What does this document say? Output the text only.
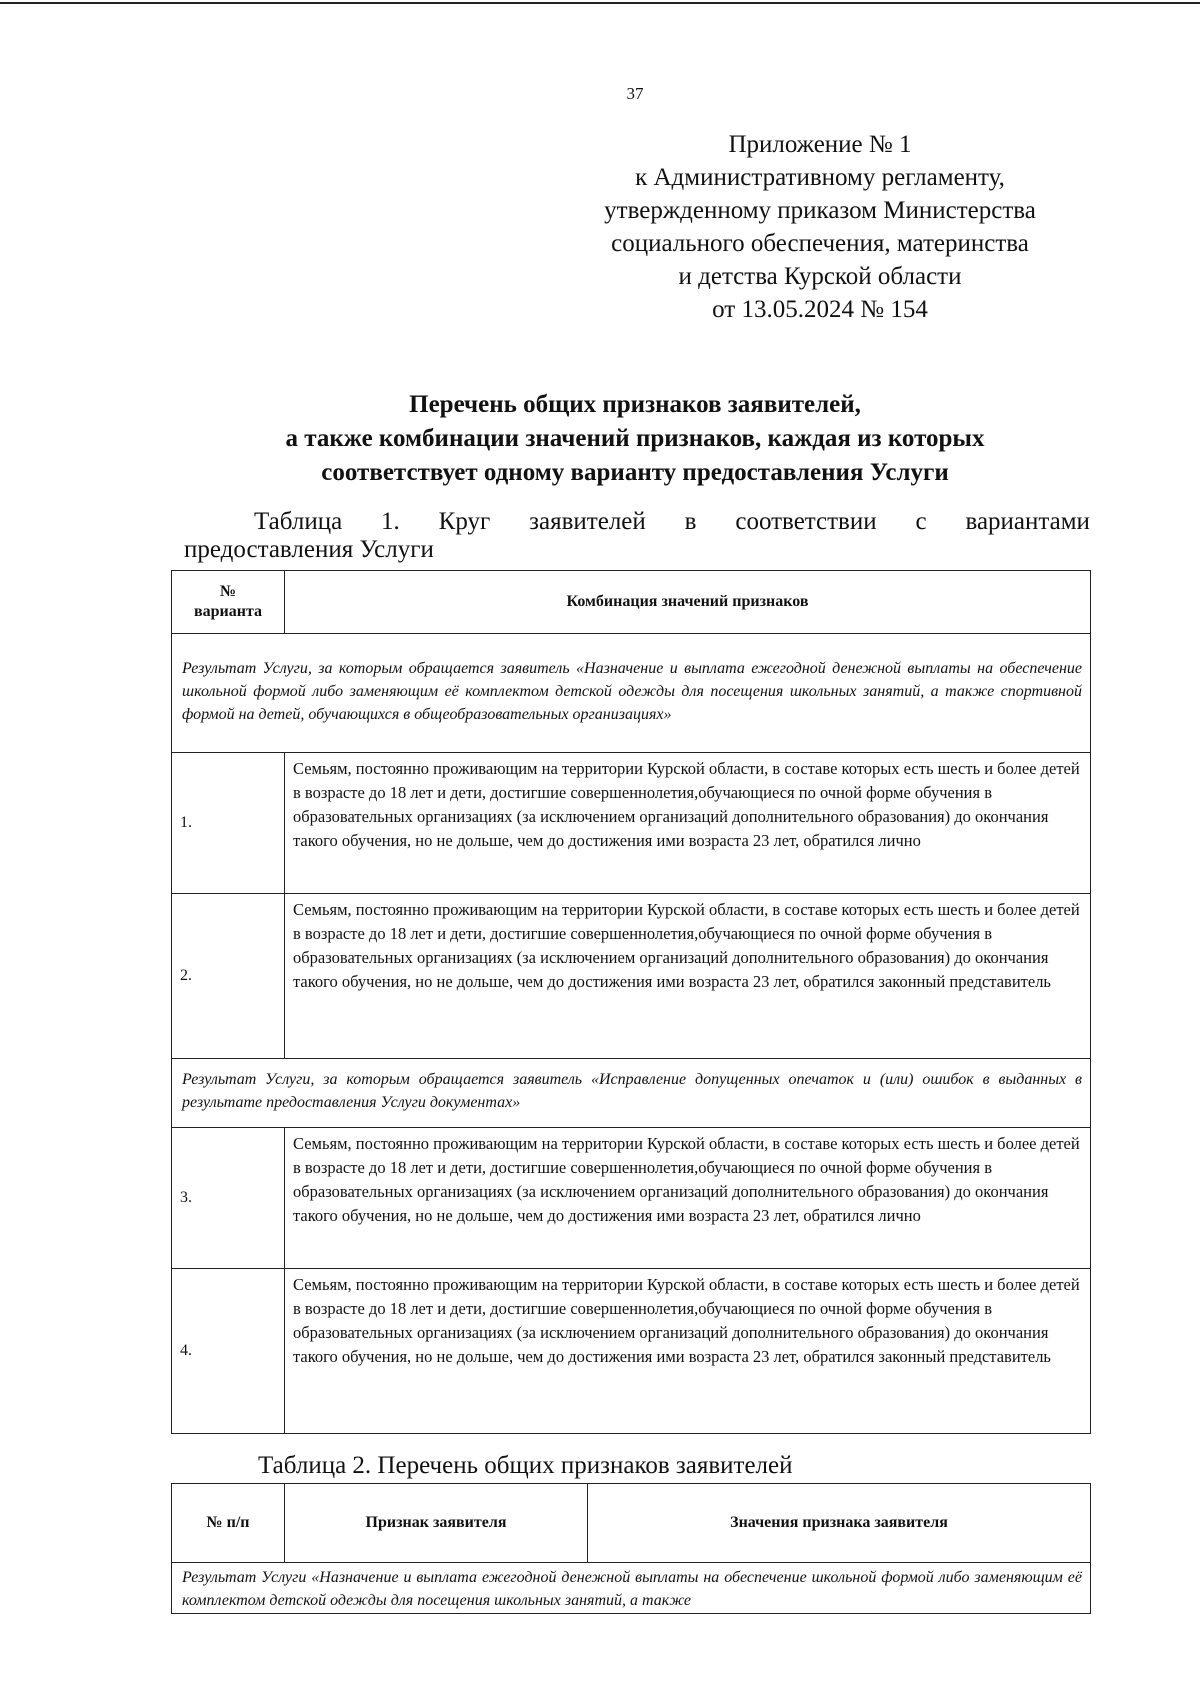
37
Приложение № 1
к Административному регламенту,
утвержденному приказом Министерства
социального обеспечения, материнства
и детства Курской области
от 13.05.2024 № 154
Перечень общих признаков заявителей,
а также комбинации значений признаков, каждая из которых
соответствует одному варианту предоставления Услуги
Таблица 1. Круг заявителей в соответствии с вариантами
предоставления Услуги
№
варианта	Комбинация значений признаков
Результат Услуги, за которым обращается заявитель «Назначение и выплата ежегодной денежной выплаты на обеспечение школьной формой либо заменяющим её комплектом детской одежды для посещения школьных занятий, а также спортивной формой на детей, обучающихся в общеобразовательных организациях»	
1.	Семьям, постоянно проживающим на территории Курской области, в составе которых есть шесть и более детей в возрасте до 18 лет и дети, достигшие совершеннолетия,обучающиеся по очной форме обучения в образовательных организациях (за исключением организаций дополнительного образования) до окончания такого обучения, но не дольше, чем до достижения ими возраста 23 лет, обратился лично
2.	Семьям, постоянно проживающим на территории Курской области, в составе которых есть шесть и более детей в возрасте до 18 лет и дети, достигшие совершеннолетия,обучающиеся по очной форме обучения в образовательных организациях (за исключением организаций дополнительного образования) до окончания такого обучения, но не дольше, чем до достижения ими возраста 23 лет, обратился законный представитель
Результат Услуги, за которым обращается заявитель «Исправление допущенных опечаток и (или) ошибок в выданных в результате предоставления Услуги документах»	
3.	Семьям, постоянно проживающим на территории Курской области, в составе которых есть шесть и более детей в возрасте до 18 лет и дети, достигшие совершеннолетия,обучающиеся по очной форме обучения в образовательных организациях (за исключением организаций дополнительного образования) до окончания такого обучения, но не дольше, чем до достижения ими возраста 23 лет, обратился лично
4.	Семьям, постоянно проживающим на территории Курской области, в составе которых есть шесть и более детей в возрасте до 18 лет и дети, достигшие совершеннолетия,обучающиеся по очной форме обучения в образовательных организациях (за исключением организаций дополнительного образования) до окончания такого обучения, но не дольше, чем до достижения ими возраста 23 лет, обратился законный представитель
Таблица 2. Перечень общих признаков заявителей
№ п/п	Признак заявителя	Значения признака заявителя
Результат Услуги «Назначение и выплата ежегодной денежной выплаты на обеспечение школьной формой либо заменяющим её комплектом детской одежды для посещения школьных занятий, а также
